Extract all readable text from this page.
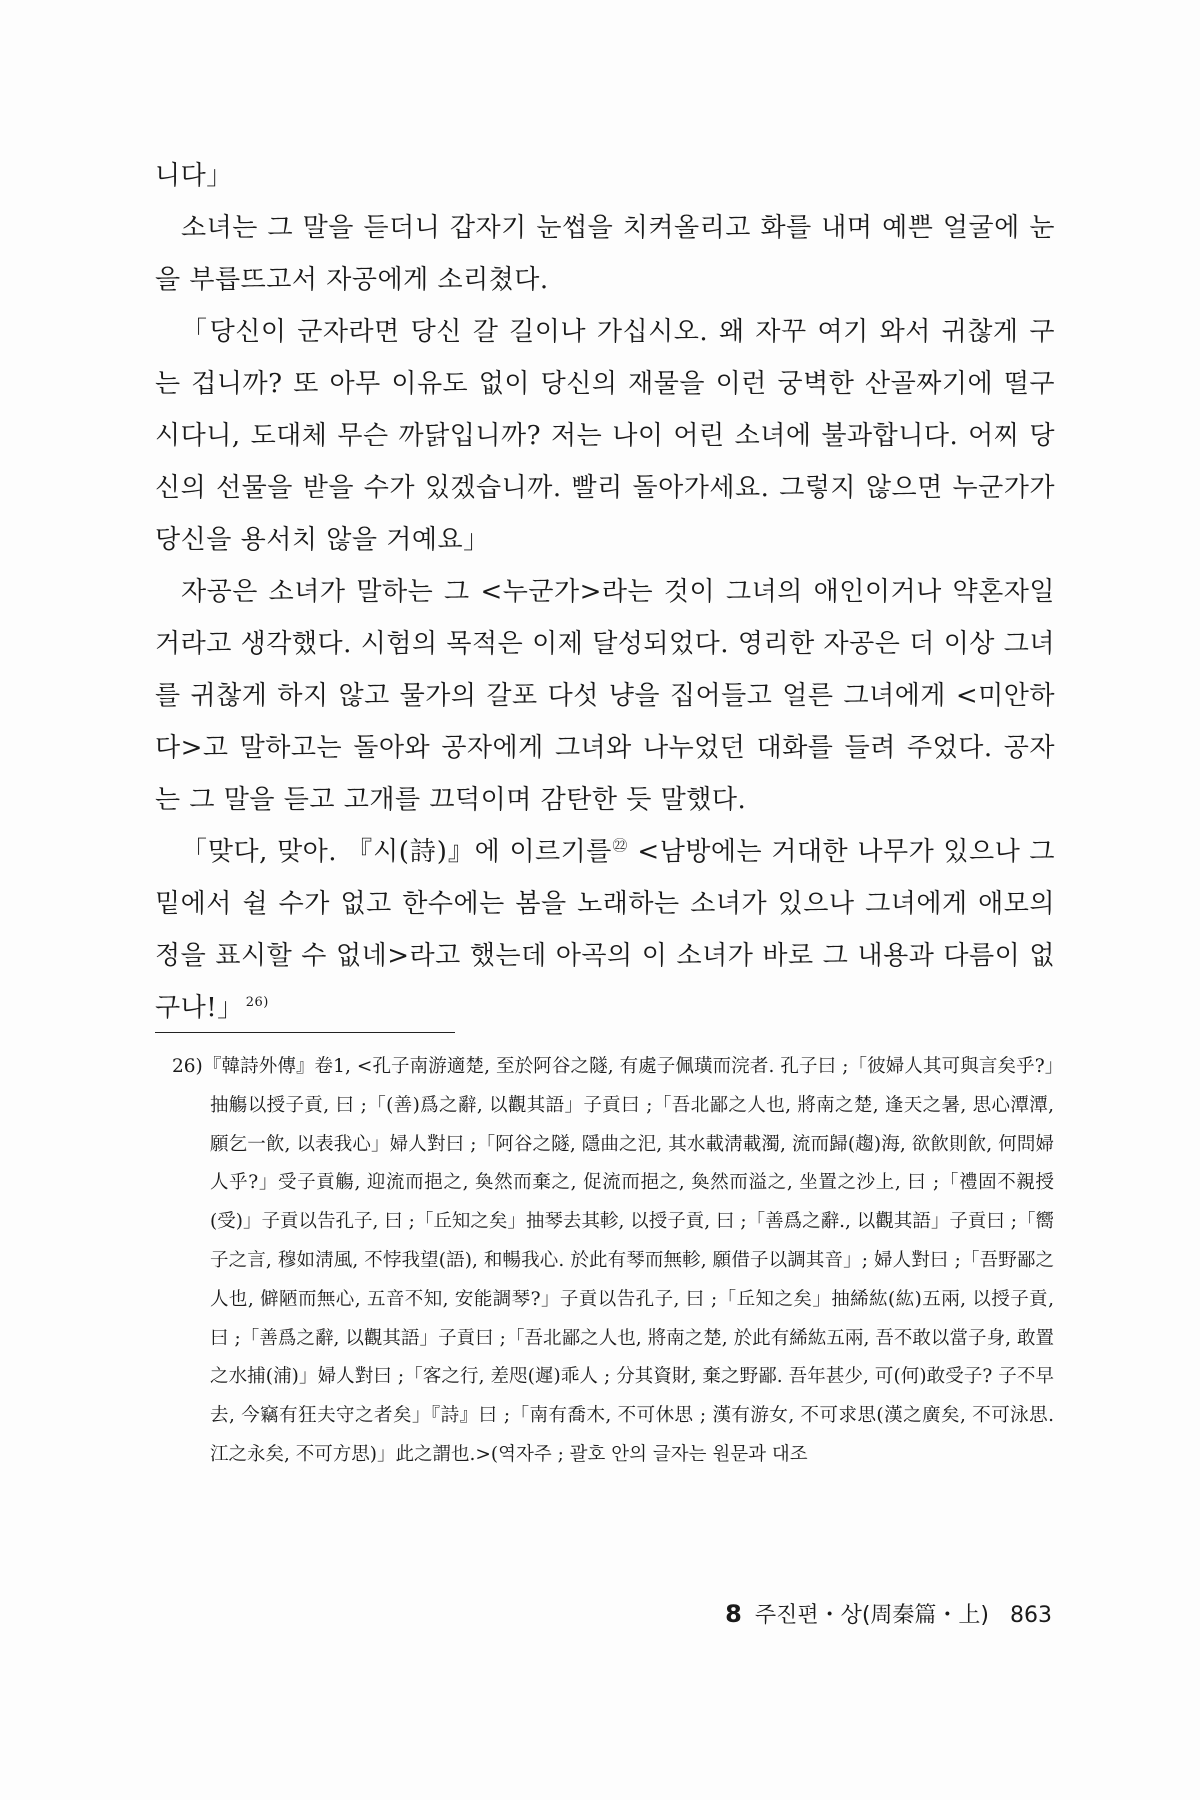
니다」

소녀는 그 말을 듣더니 갑자기 눈썹을 치켜올리고 화를 내며 예쁜 얼굴에 눈을 부릅뜨고서 자공에게 소리쳤다.

「당신이 군자라면 당신 갈 길이나 가십시오. 왜 자꾸 여기 와서 귀찮게 구는 겁니까? 또 아무 이유도 없이 당신의 재물을 이런 궁벽한 산골짜기에 떨구시다니, 도대체 무슨 까닭입니까? 저는 나이 어린 소녀에 불과합니다. 어찌 당신의 선물을 받을 수가 있겠습니까. 빨리 돌아가세요. 그렇지 않으면 누군가가 당신을 용서치 않을 거예요」

자공은 소녀가 말하는 그 <누군가>라는 것이 그녀의 애인이거나 약혼자일 거라고 생각했다. 시험의 목적은 이제 달성되었다. 영리한 자공은 더 이상 그녀를 귀찮게 하지 않고 물가의 갈포 다섯 냥을 집어들고 얼른 그녀에게 <미안하다>고 말하고는 돌아와 공자에게 그녀와 나누었던 대화를 들려 주었다. 공자는 그 말을 듣고 고개를 끄덕이며 감탄한 듯 말했다.

「맞다, 맞아. 『시(詩)』에 이르기를$^㉒$ <남방에는 거대한 나무가 있으나 그 밑에서 쉴 수가 없고 한수에는 봄을 노래하는 소녀가 있으나 그녀에게 애모의 정을 표시할 수 없네>라고 했는데 아곡의 이 소녀가 바로 그 내용과 다름이 없구나!」 $^{26)}$

26)『韓詩外傳』卷1, <孔子南游適楚, 至於阿谷之隧, 有處子佩璜而浣者. 孔子曰 ;「彼婦人其可與言矣乎?」抽觴以授子貢, 曰 ;「(善)爲之辭, 以觀其語」子貢曰 ;「吾北鄙之人也, 將南之楚, 逢天之暑, 思心潭潭, 願乞一飮, 以表我心」婦人對曰 ;「阿谷之隧, 隱曲之汜, 其水載淸載濁, 流而歸(趨)海, 欲飮則飮, 何問婦人乎?」受子貢觴, 迎流而挹之, 奐然而棄之, 促流而挹之, 奐然而溢之, 坐置之沙上, 曰 ;「禮固不親授(受)」子貢以告孔子, 曰 ;「丘知之矣」抽琴去其軫, 以授子貢, 曰 ;「善爲之辭., 以觀其語」子貢曰 ;「嚮子之言, 穆如淸風, 不悖我望(語), 和暢我心. 於此有琴而無軫, 願借子以調其音」; 婦人對曰 ;「吾野鄙之人也, 僻陋而無心, 五音不知, 安能調琴?」子貢以告孔子, 曰 ;「丘知之矣」抽絺紘(紘)五兩, 以授子貢, 曰 ;「善爲之辭, 以觀其語」子貢曰 ;「吾北鄙之人也, 將南之楚, 於此有絺紘五兩, 吾不敢以當子身, 敢置之水捕(浦)」婦人對曰 ;「客之行, 差咫(遲)乖人 ; 分其資財, 棄之野鄙. 吾年甚少, 可(何)敢受子? 子不早去, 今竊有狂夫守之者矣」『詩』曰 ;「南有喬木, 不可休思 ; 漢有游女, 不可求思(漢之廣矣, 不可泳思. 江之永矣, 不可方思)」此之謂也.>(역자주 ; 괄호 안의 글자는 원문과 대조
8 주진편・상(周秦篇・上) 863
